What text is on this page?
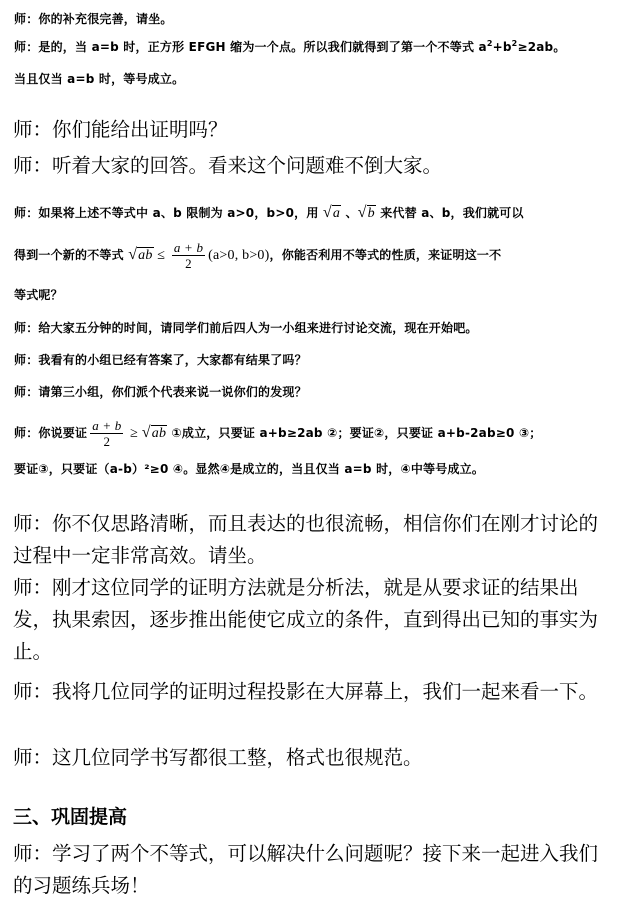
师：你的补充很完善，请坐。
师：是的，当 a=b 时，正方形 EFGH 缩为一个点。所以我们就得到了第一个不等式 $a^2+b^2\ge 2ab$。
当且仅当 a=b 时，等号成立。
师：你们能给出证明吗？
师：听着大家的回答。看来这个问题难不倒大家。
师：如果将上述不等式中 a、b 限制为 a>0，b>0，用 √a 、√b 来代替 a、b，我们就可以
得到一个新的不等式 $√ab \le \frac{a + b}{2} (a>0$, b>0)，你能否利用不等式的性质，来证明这一不
等式呢？
师：给大家五分钟的时间，请同学们前后四人为一小组来进行讨论交流，现在开始吧。
师：我看有的小组已经有答案了，大家都有结果了吗？
师：请第三小组，你们派个代表来说一说你们的发现？
师：你说要证 $\frac{a + b}{2} \ge √ab$ ①成立，只要证 a+b≥2ab ②；要证②，只要证 a+b-2ab≥0 ③；
要证③，只要证（a-b）²≥0 ④。显然④是成立的，当且仅当 a=b 时，④中等号成立。
师：你不仅思路清晰，而且表达的也很流畅，相信你们在刚才讨论的过程中一定非常高效。请坐。
师：刚才这位同学的证明方法就是分析法，就是从要求证的结果出发，执果索因，逐步推出能使它成立的条件，直到得出已知的事实为止。
师：我将几位同学的证明过程投影在大屏幕上，我们一起来看一下。
师：这几位同学书写都很工整，格式也很规范。
三、巩固提高
师：学习了两个不等式，可以解决什么问题呢？接下来一起进入我们的习题练兵场！
